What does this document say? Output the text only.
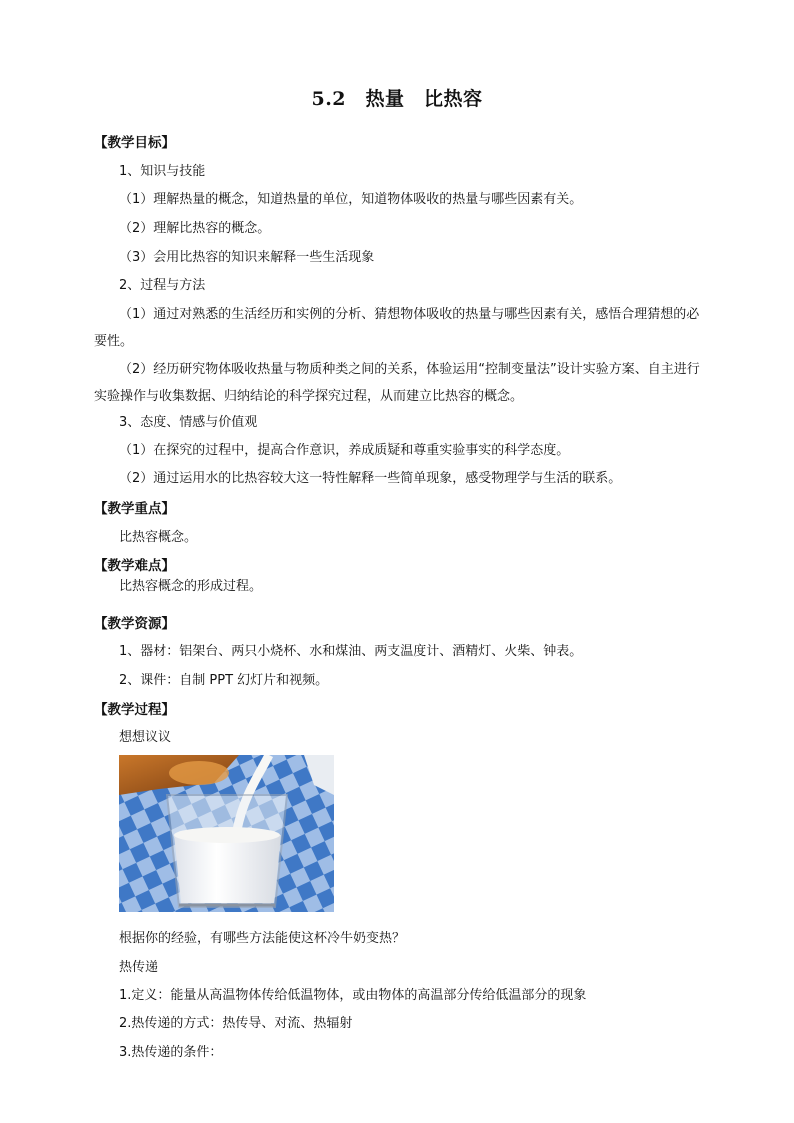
5.2　热量　比热容
【教学目标】
1、知识与技能
（1）理解热量的概念，知道热量的单位，知道物体吸收的热量与哪些因素有关。
（2）理解比热容的概念。
（3）会用比热容的知识来解释一些生活现象
2、过程与方法
（1）通过对熟悉的生活经历和实例的分析、猜想物体吸收的热量与哪些因素有关，感悟合理猜想的必要性。
（2）经历研究物体吸收热量与物质种类之间的关系，体验运用“控制变量法”设计实验方案、自主进行实验操作与收集数据、归纳结论的科学探究过程，从而建立比热容的概念。
3、态度、情感与价值观
（1）在探究的过程中，提高合作意识，养成质疑和尊重实验事实的科学态度。
（2）通过运用水的比热容较大这一特性解释一些简单现象，感受物理学与生活的联系。
【教学重点】
比热容概念。
【教学难点】
比热容概念的形成过程。
【教学资源】
1、器材：铝架台、两只小烧杯、水和煤油、两支温度计、酒精灯、火柴、钟表。
2、课件：自制 PPT 幻灯片和视频。
【教学过程】
想想议议
根据你的经验，有哪些方法能使这杯冷牛奶变热？
热传递
1.定义：能量从高温物体传给低温物体，或由物体的高温部分传给低温部分的现象
2.热传递的方式：热传导、对流、热辐射
3.热传递的条件：
